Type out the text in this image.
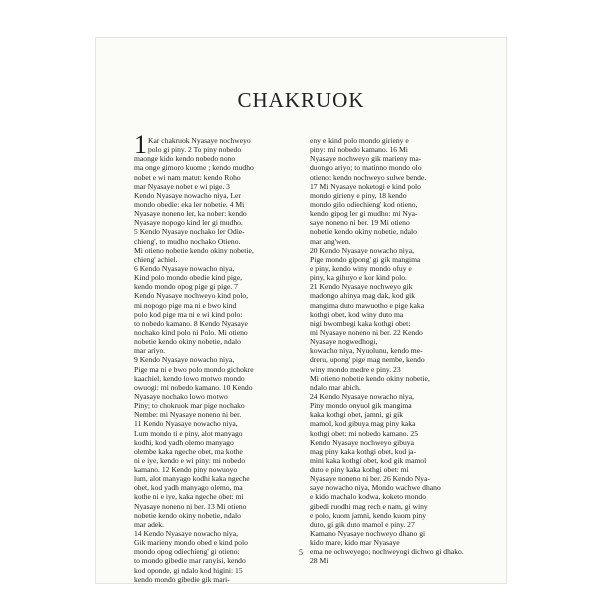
CHAKRUOK
1 Kar chakruok Nyasaye nochweyo
polo gi piny. 2 To piny nobedo
maonge kido kendo nobedo nono
ma onge gimoro kuome ; kendo mudho
nobet e wi nam matut: kendo Roho
mar Nyasaye nobet e wi pige. 3
Kendo Nyasaye nowacho niya, Ler
mondo obedie: eka ler nobetie. 4 Mi
Nyasaye noneno ler, ka nober: kendo
Nyasaye nopogo kind ler gi mudho.
5 Kendo Nyasaye nochako ler Odie-
chieng', to mudho nochako Otieno.
Mi otieno nobetie kendo okiny nobetie,
chieng' achiel.
6 Kendo Nyasaye nowacho niya,
Kind polo mondo obedie kind pige,
kendo mondo opog pige gi pige. 7
Kendo Nyasaye nochweyo kind polo,
mi nopogo pige ma ni e bwo kind
polo kod pige ma ni e wi kind polo:
to nobedo kamano. 8 Kendo Nyasaye
nochako kind polo ni Polo. Mi otieno
nobetie kendo okiny nobetie, ndalo
mar ariyo.
9 Kendo Nyasaye nowacho niya,
Pige ma ni e bwo polo mondo gichokre
kaachiel, kendo lowo motwo mondo
owuogi: mi nobedo kamano. 10 Kendo
Nyasaye nochako lowo motwo
Piny; to chokruok mar pige nochako
Nembe: mi Nyasaye noneno ni ber.
11 Kendo Nyasaye nowacho niya,
Lum mondo ti e piny, alot manyago
kodhi, kod yadh olemo manyago
olembe kaka ngeche obet, ma kothe
ni e iye, kendo e wi piny: mi nobedo
kamano. 12 Kendo piny nowuoyo
lum, alot manyago kodhi kaka ngeche
obet, kod yadh manyago olemo, ma
kothe ni e iye, kaka ngeche obet: mi
Nyasaye noneno ni ber. 13 Mi otieno
nobetie kendo okiny nobetie, ndalo
mar adek.
14 Kendo Nyasaye nowacho niya,
Gik marieny mondo obed e kind polo
mondo opog odiechieng' gi otieno:
to mondo gibedie mar ranyisi, kendo
kod oponde, gi ndalo kod higini: 15
kendo mondo gibedie gik mari-
eny e kind polo mondo girieny e
piny: mi nobedo kamano. 16 Mi
Nyasaye nochweyo gik marieny ma-
duongo ariyo; to matinno mondo olo
otieno: kendo nochweyo sulwe bende.
17 Mi Nyasaye noketogi e kind polo
mondo girieny e piny, 18 kendo
mondo gilo odiechieng' kod otieno,
kendo gipog ler gi mudho: mi Nya-
saye noneno ni ber. 19 Mi otieno
nobetie kendo okiny nobetie, ndalo
mar ang'wen.
20 Kendo Nyasaye nowacho niya,
Pige mondo gipong' gi gik mangima
e piny, kendo winy mondo ofuy e
piny, ka gihuyo e kor kind polo.
21 Kendo Nyasaye nochweyo gik
madongo ahinya mag dak, kod gik
mangima duto mawuotho e pige kaka
kothgi obet, kod winy duto ma
nigi bwombegi kaka kothgi obet:
mi Nyasaye noneno ni ber. 22 Kendo
Nyasaye nogwedhogi,
kowacho niya, Nyuolunu, kendo me-
dreru, upong' pige mag nembe, kendo
winy mondo medre e piny. 23
Mi otieno nobetie kendo okiny nobetie,
ndalo mar abich.
24 Kendo Nyasaye nowacho niya,
Piny mondo onyuol gik mangima
kaka kothgi obet, jamni, gi gik
mamol, kod gibuya mag piny kaka
kothgi obet: mi nobedo kamano. 25
Kendo Nyasaye nochweyo gibuya
mag piny kaka kothgi obet, kod ja-
mini kaka kothgi obet, kod gik mamol
duto e piny kaka kothgi obet: mi
Nyasaye noneno ni ber. 26 Kendo Nya-
saye nowacho niya, Mondo wachwe dhano
e kido machalo kodwa, koketo mondo
gibedi ruodhi mag rech e nam, gi winy
e polo, kuom jamni, kendo kuom piny
duto, gi gik duto mamol e piny. 27
Kamano Nyasaye nochweyo dhano gi
kido mare, kido mar Nyasaye
ema ne ochweyego; nochweyogi dichwo gi dhako.
28 Mi
5
